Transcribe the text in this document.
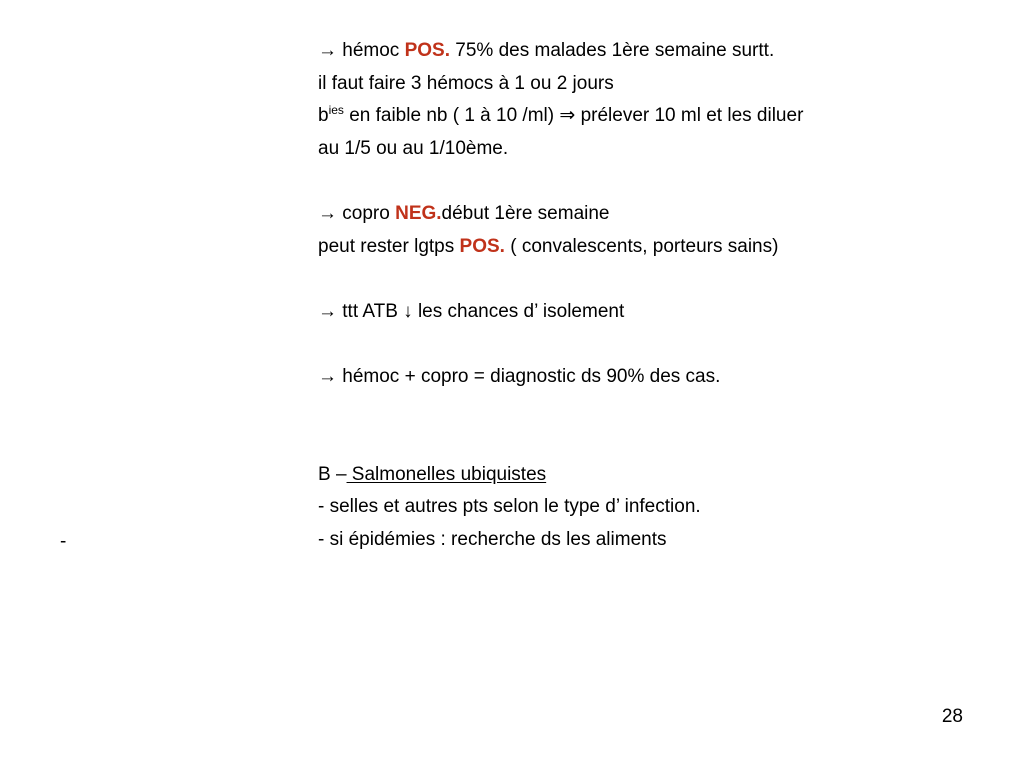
→ hémoc POS. 75% des malades 1ère semaine surtt.
il faut faire 3 hémocs à 1 ou 2 jours
$b^{ies}$ en faible nb ( 1 à 10 /ml) ⇒ prélever 10 ml et les diluer
au 1/5 ou au 1/10ème.
→ copro NEG.début 1ère semaine
peut rester lgtps POS. ( convalescents, porteurs sains)
→ ttt ATB ↓ les chances d’ isolement
→ hémoc + copro = diagnostic ds 90% des cas.
B – Salmonelles ubiquistes
- selles et autres pts selon le type d’ infection.
- si épidémies : recherche ds les aliments
-
28
